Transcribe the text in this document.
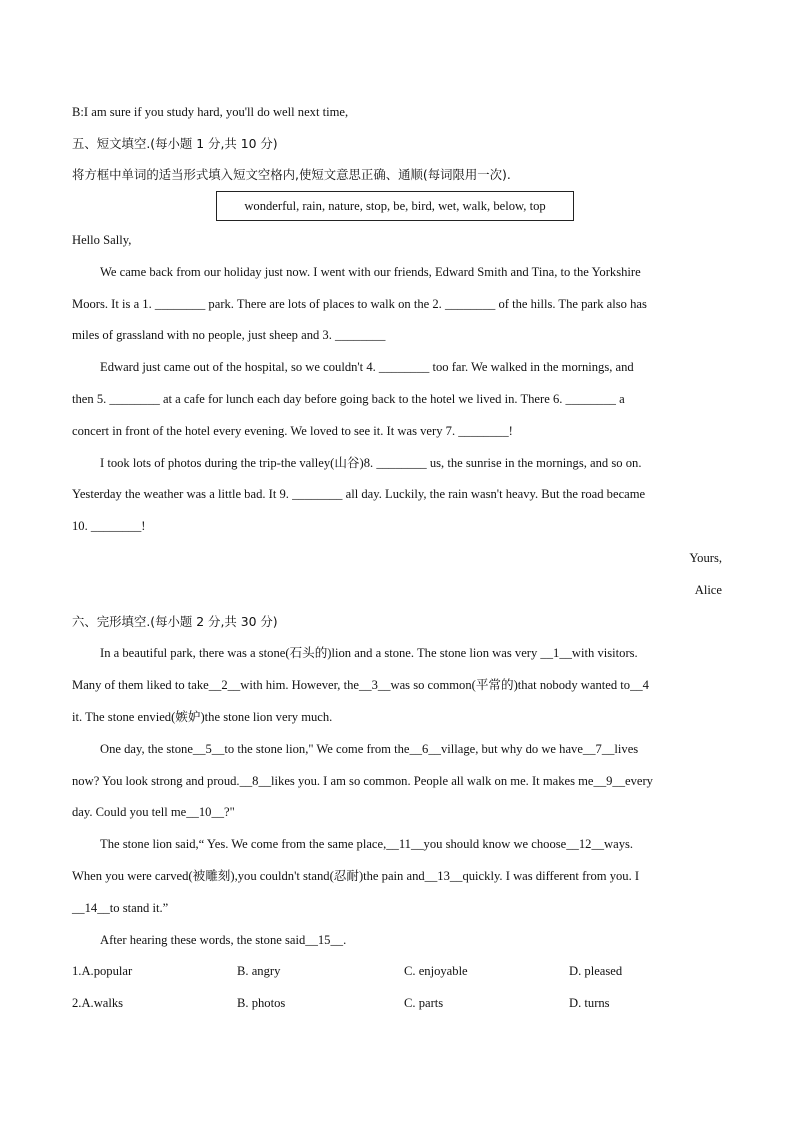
B:I am sure if you study hard, you'll do well next time,
五、短文填空.(每小题 1 分,共 10 分)
将方框中单词的适当形式填入短文空格内,使短文意思正确、通顺(每词限用一次).
wonderful, rain, nature, stop, be, bird, wet, walk, below, top
Hello Sally,
We came back from our holiday just now. I went with our friends, Edward Smith and Tina, to the Yorkshire
Moors. It is a 1. ________ park. There are lots of places to walk on the 2. ________ of the hills. The park also has
miles of grassland with no people, just sheep and 3. ________
Edward just came out of the hospital, so we couldn't 4. ________ too far. We walked in the mornings, and
then 5. ________ at a cafe for lunch each day before going back to the hotel we lived in. There 6. ________ a
concert in front of the hotel every evening. We loved to see it. It was very 7. ________!
I took lots of photos during the trip-the valley(山谷)8. ________ us, the sunrise in the mornings, and so on.
Yesterday the weather was a little bad. It 9. ________ all day. Luckily, the rain wasn't heavy. But the road became
10. ________!
Yours,
Alice
六、完形填空.(每小题 2 分,共 30 分)
In a beautiful park, there was a stone(石头的)lion and a stone. The stone lion was very __1__with visitors.
Many of them liked to take__2__with him. However, the__3__was so common(平常的)that nobody wanted to__4
it. The stone envied(嫉妒)the stone lion very much.
One day, the stone__5__to the stone lion," We come from the__6__village, but why do we have__7__lives
now? You look strong and proud.__8__likes you. I am so common. People all walk on me. It makes me__9__every
day. Could you tell me__10__?"
The stone lion said,“ Yes. We come from the same place,__11__you should know we choose__12__ways.
When you were carved(被雕刻),you couldn't stand(忍耐)the pain and__13__quickly. I was different from you. I
__14__to stand it.”
After hearing these words, the stone said__15__.
1.A.popular	B. angry	C. enjoyable	D. pleased
2.A.walks	B. photos	C. parts	D. turns
